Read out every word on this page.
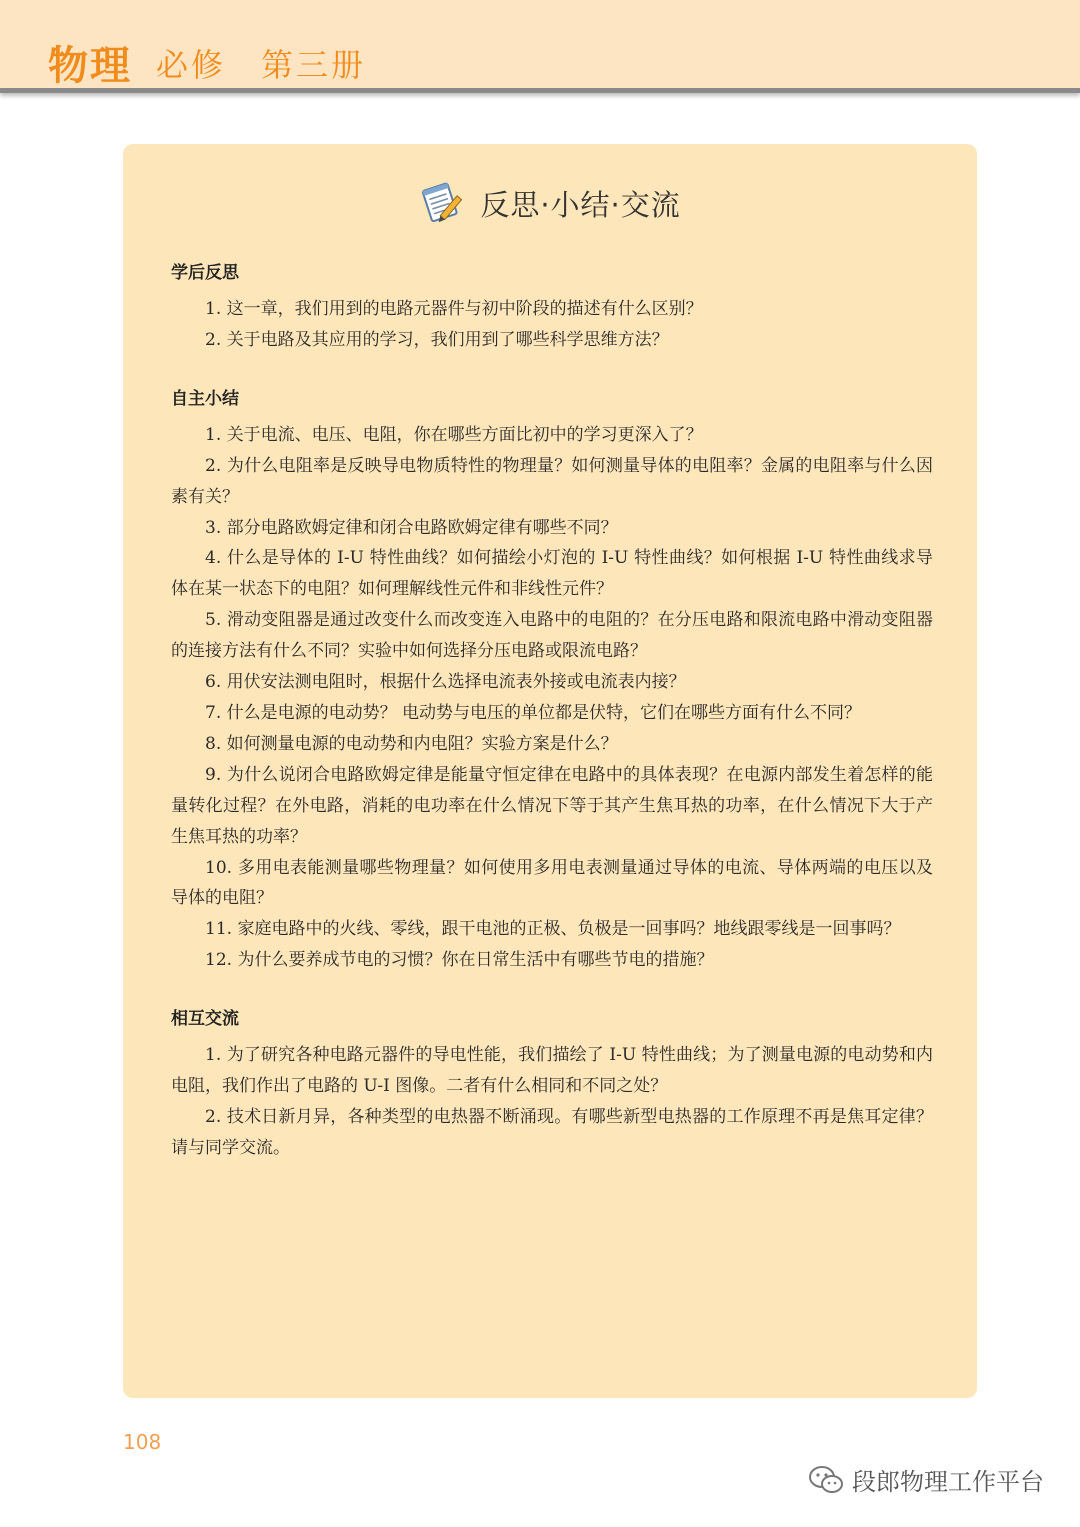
物理 必修　第三册
反思·小结·交流
学后反思

1. 这一章，我们用到的电路元器件与初中阶段的描述有什么区别？

2. 关于电路及其应用的学习，我们用到了哪些科学思维方法？

自主小结

1. 关于电流、电压、电阻，你在哪些方面比初中的学习更深入了？

2. 为什么电阻率是反映导电物质特性的物理量？如何测量导体的电阻率？金属的电阻率与什么因素有关？

3. 部分电路欧姆定律和闭合电路欧姆定律有哪些不同？

4. 什么是导体的 I-U 特性曲线？如何描绘小灯泡的 I-U 特性曲线？如何根据 I-U 特性曲线求导体在某一状态下的电阻？如何理解线性元件和非线性元件？

5. 滑动变阻器是通过改变什么而改变连入电路中的电阻的？在分压电路和限流电路中滑动变阻器的连接方法有什么不同？实验中如何选择分压电路或限流电路？

6. 用伏安法测电阻时，根据什么选择电流表外接或电流表内接？

7. 什么是电源的电动势？ 电动势与电压的单位都是伏特，它们在哪些方面有什么不同？

8. 如何测量电源的电动势和内电阻？实验方案是什么？

9. 为什么说闭合电路欧姆定律是能量守恒定律在电路中的具体表现？在电源内部发生着怎样的能量转化过程？在外电路，消耗的电功率在什么情况下等于其产生焦耳热的功率，在什么情况下大于产生焦耳热的功率？

10. 多用电表能测量哪些物理量？如何使用多用电表测量通过导体的电流、导体两端的电压以及导体的电阻？

11. 家庭电路中的火线、零线，跟干电池的正极、负极是一回事吗？地线跟零线是一回事吗？

12. 为什么要养成节电的习惯？你在日常生活中有哪些节电的措施？

相互交流

1. 为了研究各种电路元器件的导电性能，我们描绘了 I-U 特性曲线；为了测量电源的电动势和内电阻，我们作出了电路的 U-I 图像。二者有什么相同和不同之处？

2. 技术日新月异，各种类型的电热器不断涌现。有哪些新型电热器的工作原理不再是焦耳定律？请与同学交流。

108
段郎物理工作平台
